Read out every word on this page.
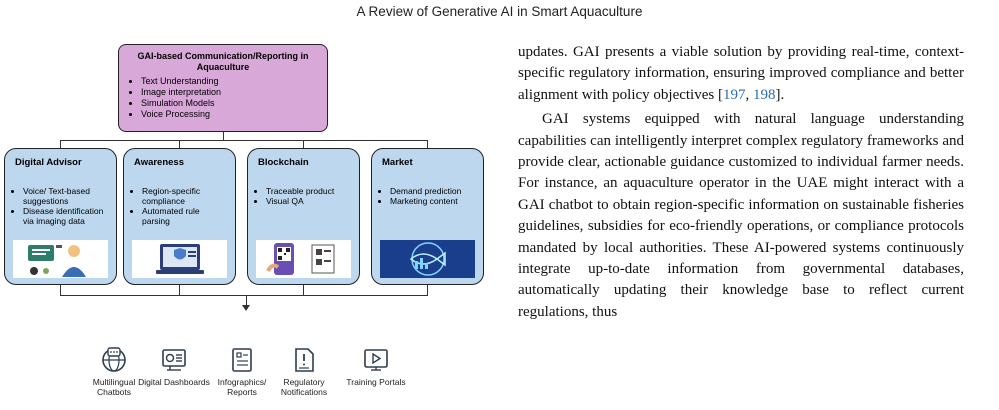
A Review of Generative AI in Smart Aquaculture
GAI-based Communication/Reporting in Aquaculture
• Text Understanding
• Image interpretation
• Simulation Models
• Voice Processing
Digital Advisor
• Voice/ Text-based suggestions
• Disease identification via imaging data
Awareness
• Region-specific compliance
• Automated rule parsing
Blockchain
• Traceable product
• Visual QA
Market
• Demand prediction
• Marketing content
Multilingual Chatbots
Digital Dashboards Infographics/ Reports
Regulatory Notifications
Training Portals

updates. GAI presents a viable solution by providing real-time, context-specific regulatory information, ensuring improved compliance and better alignment with policy objectives [197, 198].

GAI systems equipped with natural language understanding capabilities can intelligently interpret complex regulatory frameworks and provide clear, actionable guidance customized to individual farmer needs. For instance, an aquaculture operator in the UAE might interact with a GAI chatbot to obtain region-specific information on sustainable fisheries guidelines, subsidies for eco-friendly operations, or compliance protocols mandated by local authorities. These AI-powered systems continuously integrate up-to-date information from governmental databases, automatically updating their knowledge base to reflect current regulations, thus
